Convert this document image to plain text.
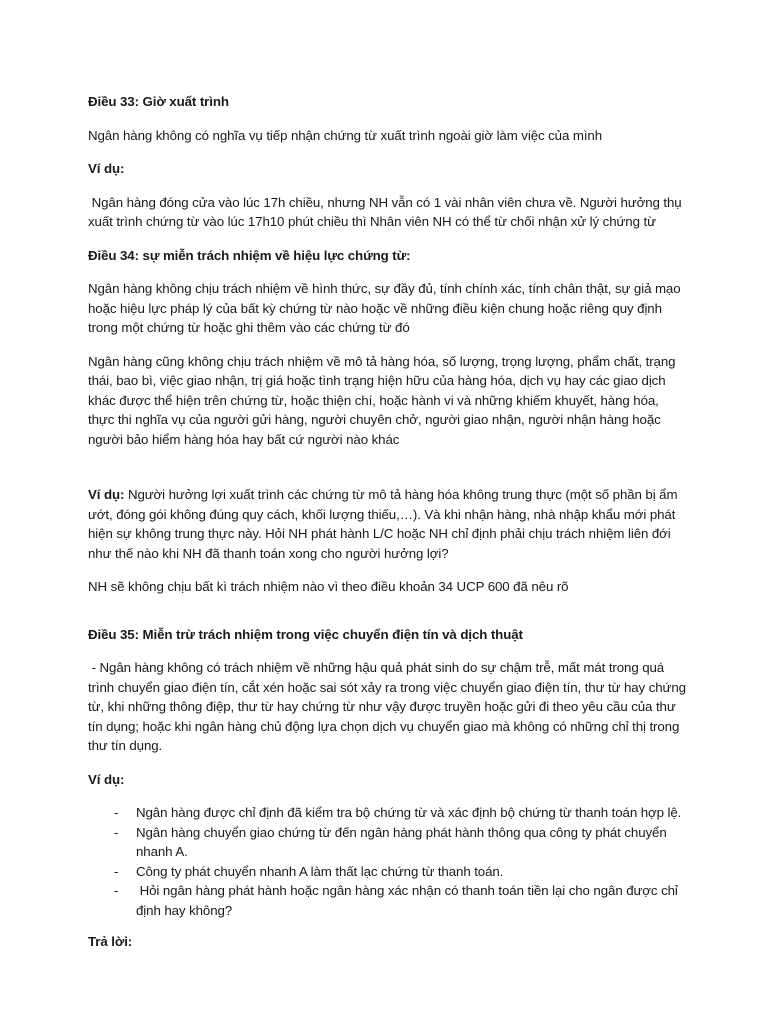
Điều 33: Giờ xuất trình

Ngân hàng không có nghĩa vụ tiếp nhận chứng từ xuất trình ngoài giờ làm việc của mình

Ví dụ:

Ngân hàng đóng cửa vào lúc 17h chiều, nhưng NH vẫn có 1 vài nhân viên chưa về. Người hưởng thụ xuất trình chứng từ vào lúc 17h10 phút chiều thì Nhân viên NH có thể từ chối nhận xử lý chứng từ

Điều 34: sự miễn trách nhiệm về hiệu lực chứng từ:

Ngân hàng không chịu trách nhiệm về hình thức, sự đầy đủ, tính chính xác, tính chân thật, sự giả mạo hoặc hiệu lực pháp lý của bất kỳ chứng từ nào hoặc về những điều kiện chung hoặc riêng quy định trong một chứng từ hoặc ghi thêm vào các chứng từ đó

Ngân hàng cũng không chịu trách nhiệm về mô tả hàng hóa, số lượng, trọng lượng, phẩm chất, trạng thái, bao bì, việc giao nhận, trị giá hoặc tình trạng hiện hữu của hàng hóa, dịch vụ hay các giao dịch khác được thể hiện trên chứng từ, hoặc thiện chí, hoặc hành vi và những khiếm khuyết, hàng hóa, thực thi nghĩa vụ của người gửi hàng, người chuyên chở, người giao nhận, người nhận hàng hoặc người bảo hiểm hàng hóa hay bất cứ người nào khác

Ví dụ: Người hưởng lợi xuất trình các chứng từ mô tả hàng hóa không trung thực (một số phần bị ẩm ướt, đóng gói không đúng quy cách, khối lượng thiếu,…). Và khi nhận hàng, nhà nhập khẩu mới phát hiện sự không trung thực này. Hỏi NH phát hành L/C hoặc NH chỉ định phải chịu trách nhiệm liên đới như thế nào khi NH đã thanh toán xong cho người hưởng lợi?

NH sẽ không chịu bất kì trách nhiệm nào vì theo điều khoản 34 UCP 600 đã nêu rõ

Điều 35: Miễn trừ trách nhiệm trong việc chuyển điện tín và dịch thuật

- Ngân hàng không có trách nhiệm về những hậu quả phát sinh do sự chậm trễ, mất mát trong quá trình chuyển giao điện tín, cắt xén hoặc sai sót xảy ra trong việc chuyển giao điện tín, thư từ hay chứng từ, khi những thông điệp, thư từ hay chứng từ như vậy được truyền hoặc gửi đi theo yêu cầu của thư tín dụng; hoặc khi ngân hàng chủ động lựa chọn dịch vụ chuyển giao mà không có những chỉ thị trong thư tín dụng.

Ví dụ:

- Ngân hàng được chỉ định đã kiểm tra bộ chứng từ và xác định bộ chứng từ thanh toán hợp lệ.
- Ngân hàng chuyển giao chứng từ đến ngân hàng phát hành thông qua công ty phát chuyển nhanh A.
- Công ty phát chuyển nhanh A làm thất lạc chứng từ thanh toán.
- Hỏi ngân hàng phát hành hoặc ngân hàng xác nhận có thanh toán tiền lại cho ngân được chỉ định hay không?

Trả lời:
